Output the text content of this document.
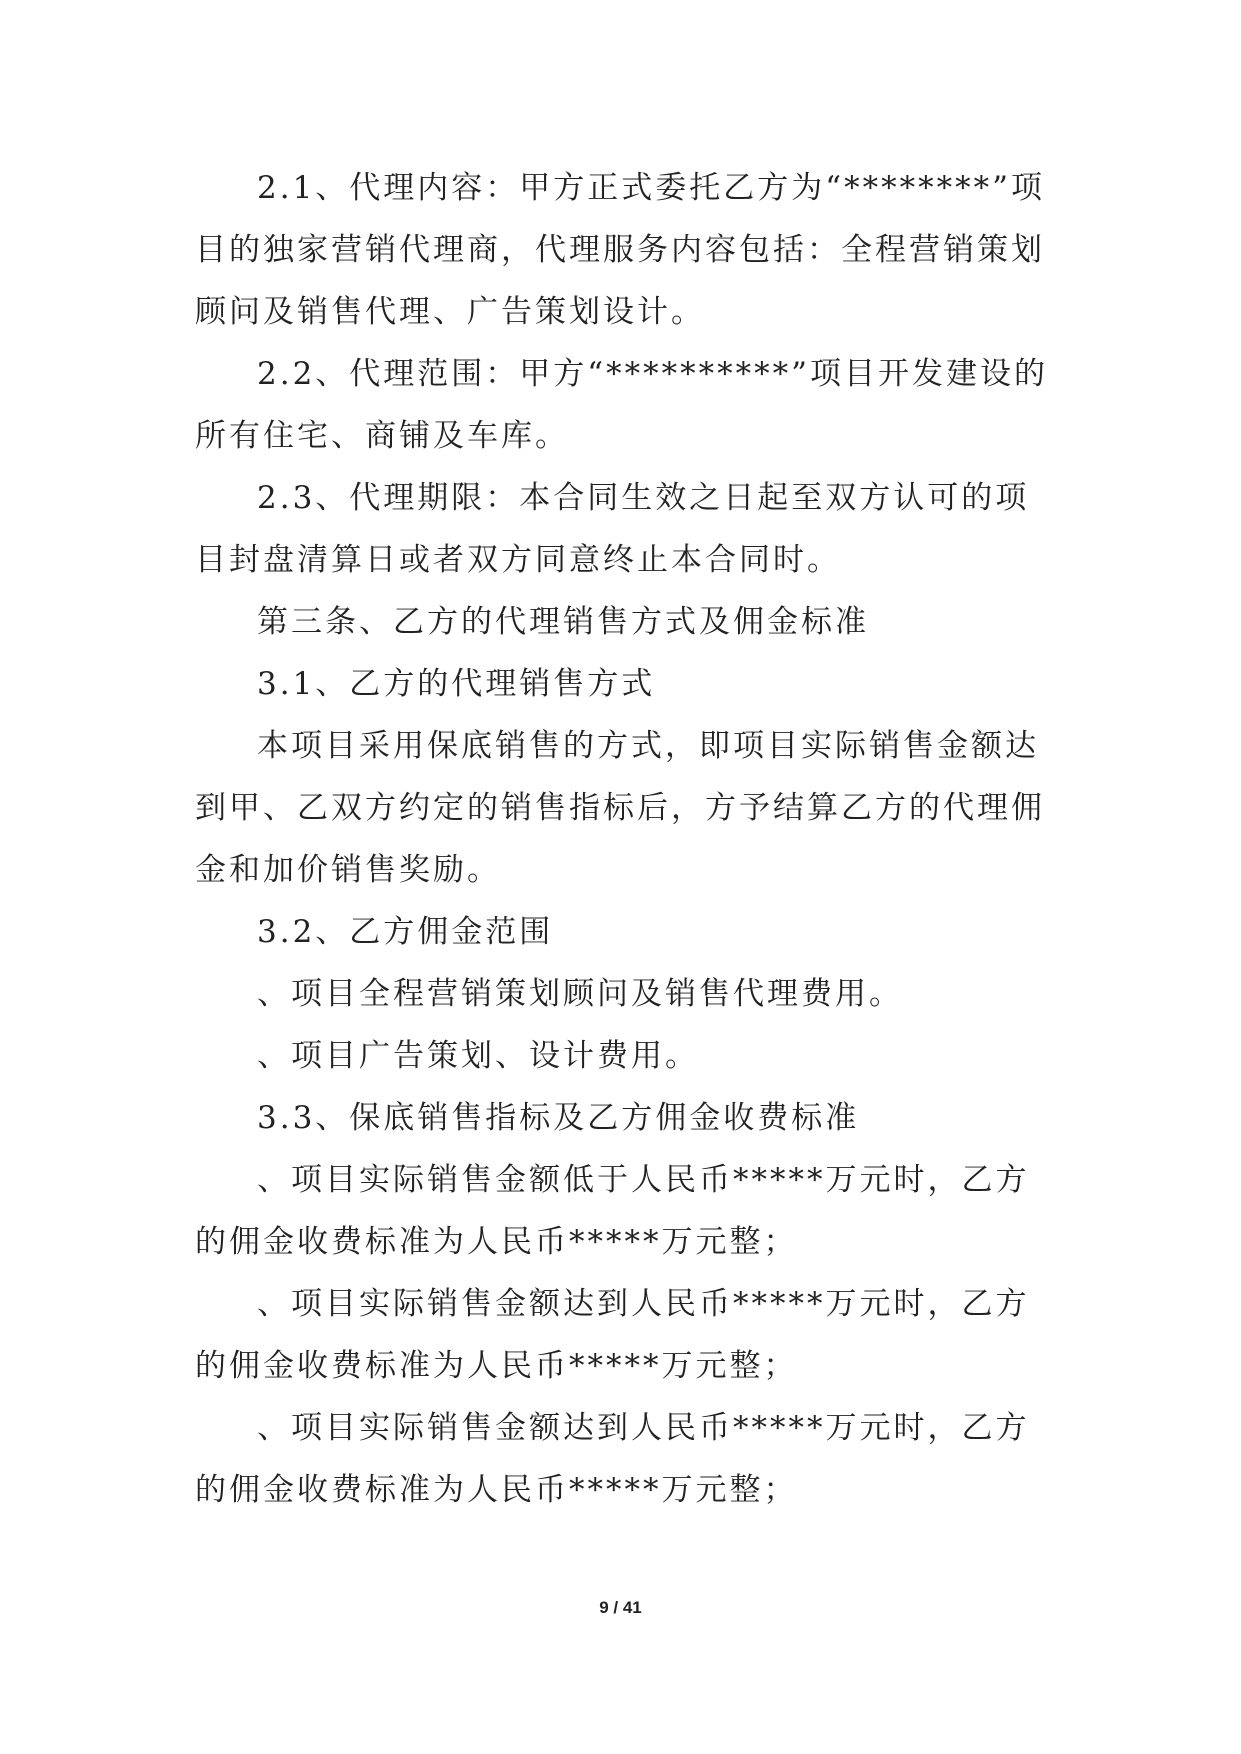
2.1、代理内容：甲方正式委托乙方为“********”项目的独家营销代理商，代理服务内容包括：全程营销策划顾问及销售代理、广告策划设计。

2.2、代理范围：甲方“**********”项目开发建设的所有住宅、商铺及车库。

2.3、代理期限：本合同生效之日起至双方认可的项目封盘清算日或者双方同意终止本合同时。

第三条、乙方的代理销售方式及佣金标准

3.1、乙方的代理销售方式

本项目采用保底销售的方式，即项目实际销售金额达到甲、乙双方约定的销售指标后，方予结算乙方的代理佣金和加价销售奖励。

3.2、乙方佣金范围

、项目全程营销策划顾问及销售代理费用。

、项目广告策划、设计费用。

3.3、保底销售指标及乙方佣金收费标准

、项目实际销售金额低于人民币*****万元时，乙方的佣金收费标准为人民币*****万元整；

、项目实际销售金额达到人民币*****万元时，乙方的佣金收费标准为人民币*****万元整；

、项目实际销售金额达到人民币*****万元时，乙方的佣金收费标准为人民币*****万元整；

9 / 41
